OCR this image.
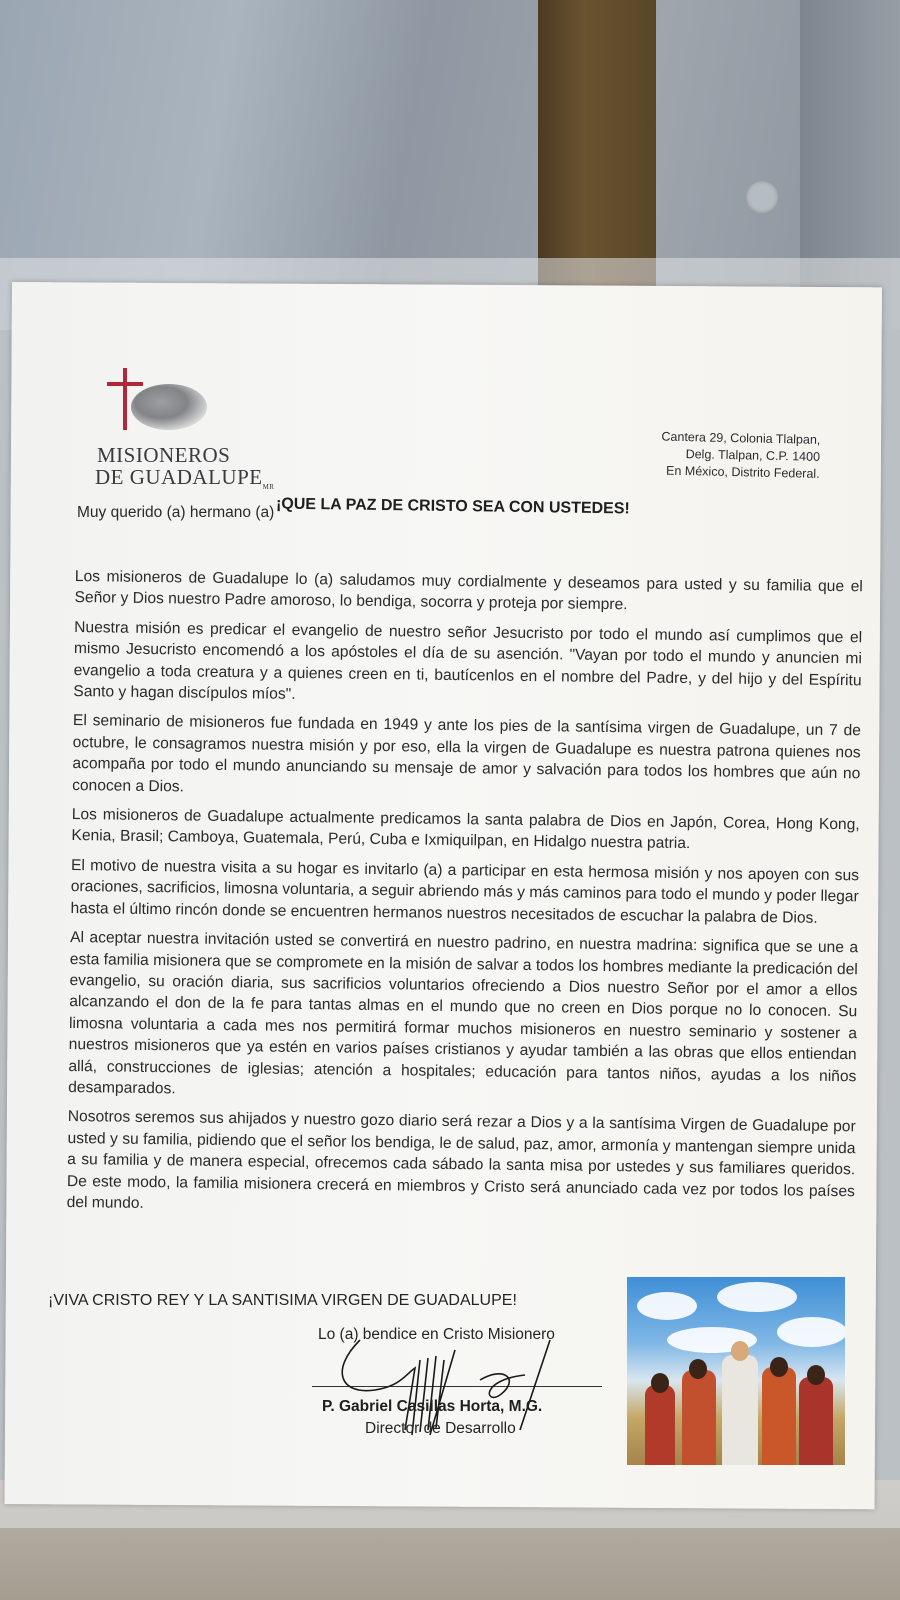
MISIONEROS
DE $GUADALUPE_{MR}$
Cantera 29, Colonia Tlalpan,
Delg. Tlalpan, C.P. 1400
En México, Distrito Federal.
¡QUE LA PAZ DE CRISTO SEA CON USTEDES!
Muy querido (a) hermano (a)

Los misioneros de Guadalupe lo (a) saludamos muy cordialmente y deseamos para usted y su familia que el Señor y Dios nuestro Padre amoroso, lo bendiga, socorra y proteja por siempre.

Nuestra misión es predicar el evangelio de nuestro señor Jesucristo por todo el mundo así cumplimos que el mismo Jesucristo encomendó a los apóstoles el día de su asención. "Vayan por todo el mundo y anuncien mi evangelio a toda creatura y a quienes creen en ti, bautícenlos en el nombre del Padre, y del hijo y del Espíritu Santo y hagan discípulos míos".

El seminario de misioneros fue fundada en 1949 y ante los pies de la santísima virgen de Guadalupe, un 7 de octubre, le consagramos nuestra misión y por eso, ella la virgen de Guadalupe es nuestra patrona quienes nos acompaña por todo el mundo anunciando su mensaje de amor y salvación para todos los hombres que aún no conocen a Dios.

Los misioneros de Guadalupe actualmente predicamos la santa palabra de Dios en Japón, Corea, Hong Kong, Kenia, Brasil; Camboya, Guatemala, Perú, Cuba e Ixmiquilpan, en Hidalgo nuestra patria.

El motivo de nuestra visita a su hogar es invitarlo (a) a participar en esta hermosa misión y nos apoyen con sus oraciones, sacrificios, limosna voluntaria, a seguir abriendo más y más caminos para todo el mundo y poder llegar hasta el último rincón donde se encuentren hermanos nuestros necesitados de escuchar la palabra de Dios.

Al aceptar nuestra invitación usted se convertirá en nuestro padrino, en nuestra madrina: significa que se une a esta familia misionera que se compromete en la misión de salvar a todos los hombres mediante la predicación del evangelio, su oración diaria, sus sacrificios voluntarios ofreciendo a Dios nuestro Señor por el amor a ellos alcanzando el don de la fe para tantas almas en el mundo que no creen en Dios porque no lo conocen. Su limosna voluntaria a cada mes nos permitirá formar muchos misioneros en nuestro seminario y sostener a nuestros misioneros que ya estén en varios países cristianos y ayudar también a las obras que ellos entiendan allá, construcciones de iglesias; atención a hospitales; educación para tantos niños, ayudas a los niños desamparados.

Nosotros seremos sus ahijados y nuestro gozo diario será rezar a Dios y a la santísima Virgen de Guadalupe por usted y su familia, pidiendo que el señor los bendiga, le de salud, paz, amor, armonía y mantengan siempre unida a su familia y de manera especial, ofrecemos cada sábado la santa misa por ustedes y sus familiares queridos. De este modo, la familia misionera crecerá en miembros y Cristo será anunciado cada vez por todos los países del mundo.

¡VIVA CRISTO REY Y LA SANTISIMA VIRGEN DE GUADALUPE!
Lo (a) bendice en Cristo Misionero
P. Gabriel Casillas Horta, M.G.
Director de Desarrollo
